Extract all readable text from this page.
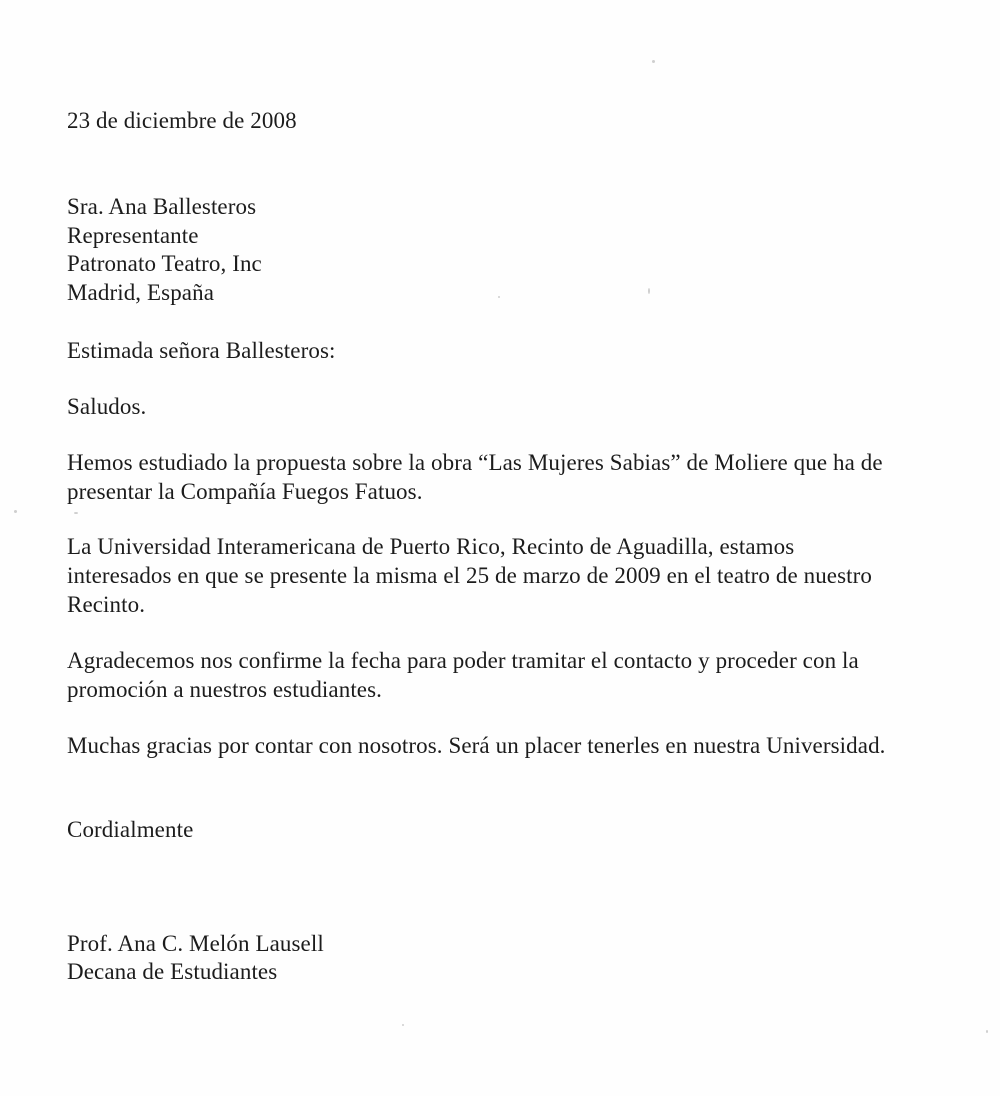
23 de diciembre de 2008
Sra. Ana Ballesteros
Representante
Patronato Teatro, Inc
Madrid, España
Estimada señora Ballesteros:
Saludos.
Hemos estudiado la propuesta sobre la obra “Las Mujeres Sabias” de Moliere que ha de
presentar la Compañía Fuegos Fatuos.
La Universidad Interamericana de Puerto Rico, Recinto de Aguadilla, estamos
interesados en que se presente la misma el 25 de marzo de 2009 en el teatro de nuestro
Recinto.
Agradecemos nos confirme la fecha para poder tramitar el contacto y proceder con la
promoción a nuestros estudiantes.
Muchas gracias por contar con nosotros. Será un placer tenerles en nuestra Universidad.
Cordialmente
Prof. Ana C. Melón Lausell
Decana de Estudiantes
